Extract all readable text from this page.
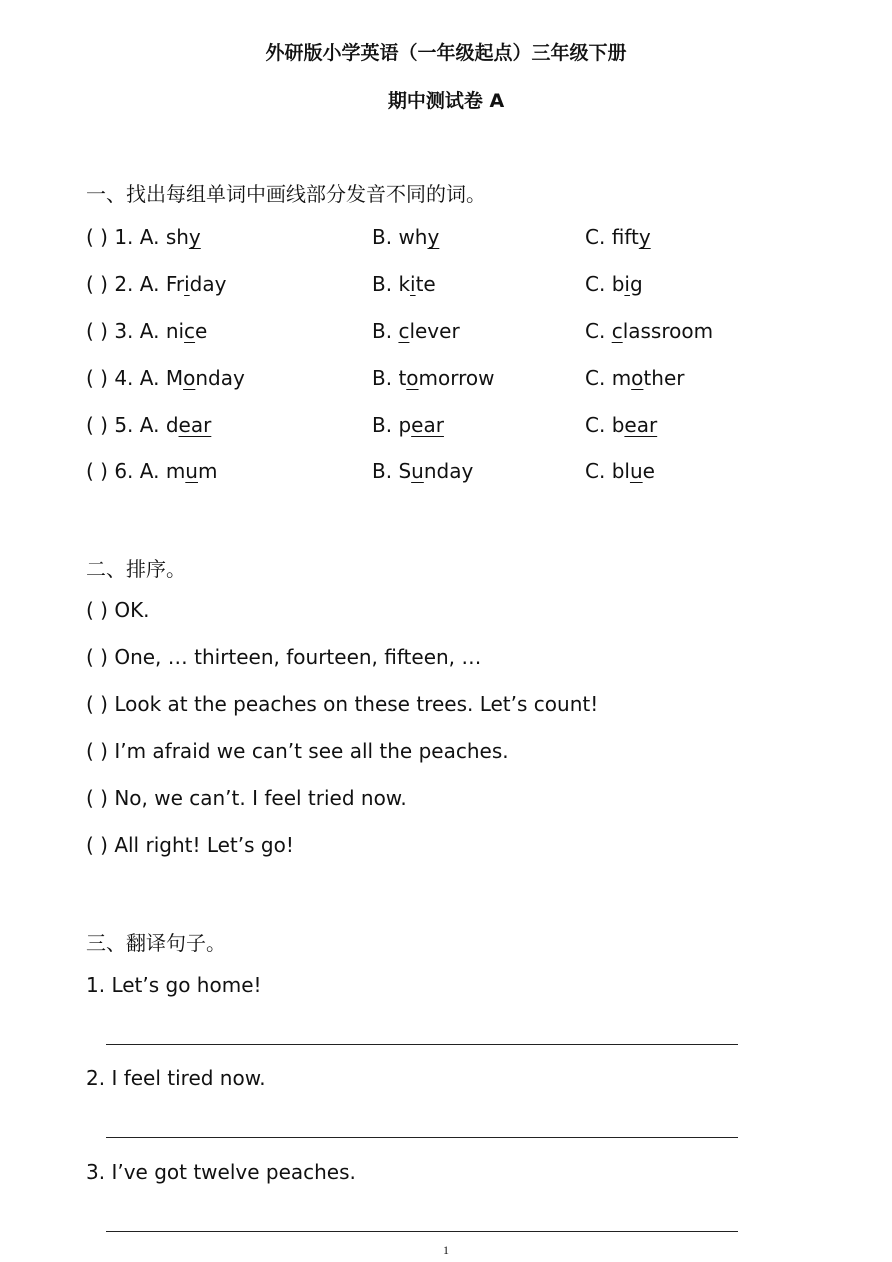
外研版小学英语（一年级起点）三年级下册
期中测试卷 A
一、找出每组单词中画线部分发音不同的词。
( ) 1. A. shy	B. why	C. fifty
( ) 2. A. Friday	B. kite	C. big
( ) 3. A. nice	B. clever	C. classroom
( ) 4. A. Monday	B. tomorrow	C. mother
( ) 5. A. dear	B. pear	C. bear
( ) 6. A. mum	B. Sunday	C. blue
二、排序。
( ) OK.
( ) One, … thirteen, fourteen, fifteen, …
( ) Look at the peaches on these trees. Let’s count!
( ) I’m afraid we can’t see all the peaches.
( ) No, we can’t. I feel tried now.
( ) All right! Let’s go!
三、翻译句子。
1. Let’s go home!
2. I feel tired now.
3. I’ve got twelve peaches.
1
